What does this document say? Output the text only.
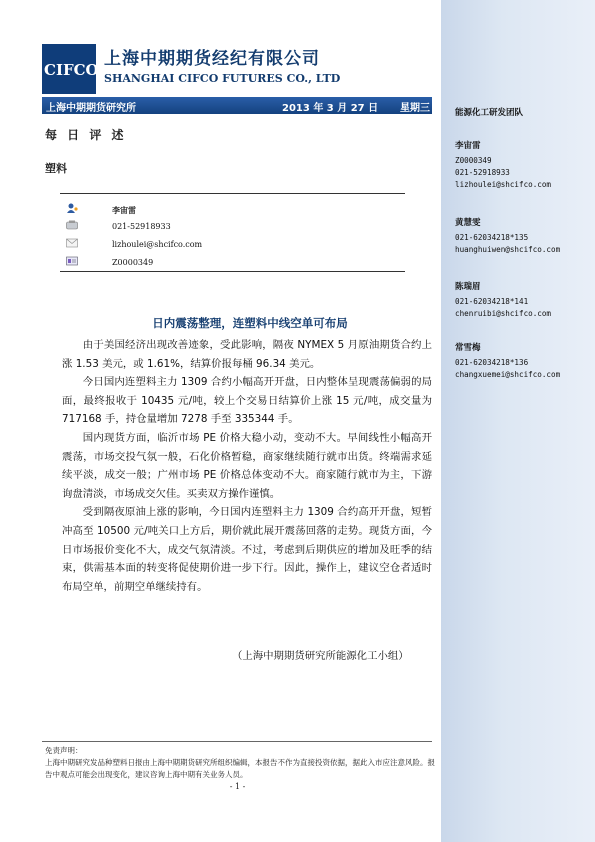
能源化工研发团队
李宙雷
Z0000349
021-52918933
lizhoulei@shcifco.com
黄慧雯
021-62034218*135
huanghuiwen@shcifco.com
陈瑞眉
021-62034218*141
chenruibi@shcifco.com
常雪梅
021-62034218*136
changxuemei@shcifco.com
CIFCO
上海中期期货经纪有限公司
SHANGHAI CIFCO FUTURES CO., LTD
上海中期期货研究所	2013 年 3 月 27 日 星期三
每 日 评 述
塑料
李宙雷
021-52918933
lizhoulei@shcifco.com
Z0000349
日内震荡整理，连塑料中线空单可布局

由于美国经济出现改善迹象，受此影响，隔夜 NYMEX 5 月原油期货合约上涨 1.53 美元，或 1.61%，结算价报每桶 96.34 美元。

今日国内连塑料主力 1309 合约小幅高开开盘，日内整体呈现震荡偏弱的局面，最终报收于 10435 元/吨，较上个交易日结算价上涨 15 元/吨，成交量为 717168 手，持仓量增加 7278 手至 335344 手。

国内现货方面，临沂市场 PE 价格大稳小动，变动不大。早间线性小幅高开震荡，市场交投气氛一般，石化价格暂稳，商家继续随行就市出货。终端需求延续平淡，成交一般；广州市场 PE 价格总体变动不大。商家随行就市为主，下游询盘清淡，市场成交欠佳。买卖双方操作谨慎。

受到隔夜原油上涨的影响，今日国内连塑料主力 1309 合约高开开盘，短暂冲高至 10500 元/吨关口上方后，期价就此展开震荡回落的走势。现货方面，今日市场报价变化不大，成交气氛清淡。不过，考虑到后期供应的增加及旺季的结束，供需基本面的转变将促使期价进一步下行。因此，操作上，建议空仓者适时布局空单，前期空单继续持有。

（上海中期期货研究所能源化工小组）
免责声明：
上海中期研究发品种塑料日报由上海中期期货研究所组织编辑，本报告不作为直接投资依据，据此入市应注意风险。报告中观点可能会出现变化，建议咨询上海中期有关业务人员。
- 1 -
